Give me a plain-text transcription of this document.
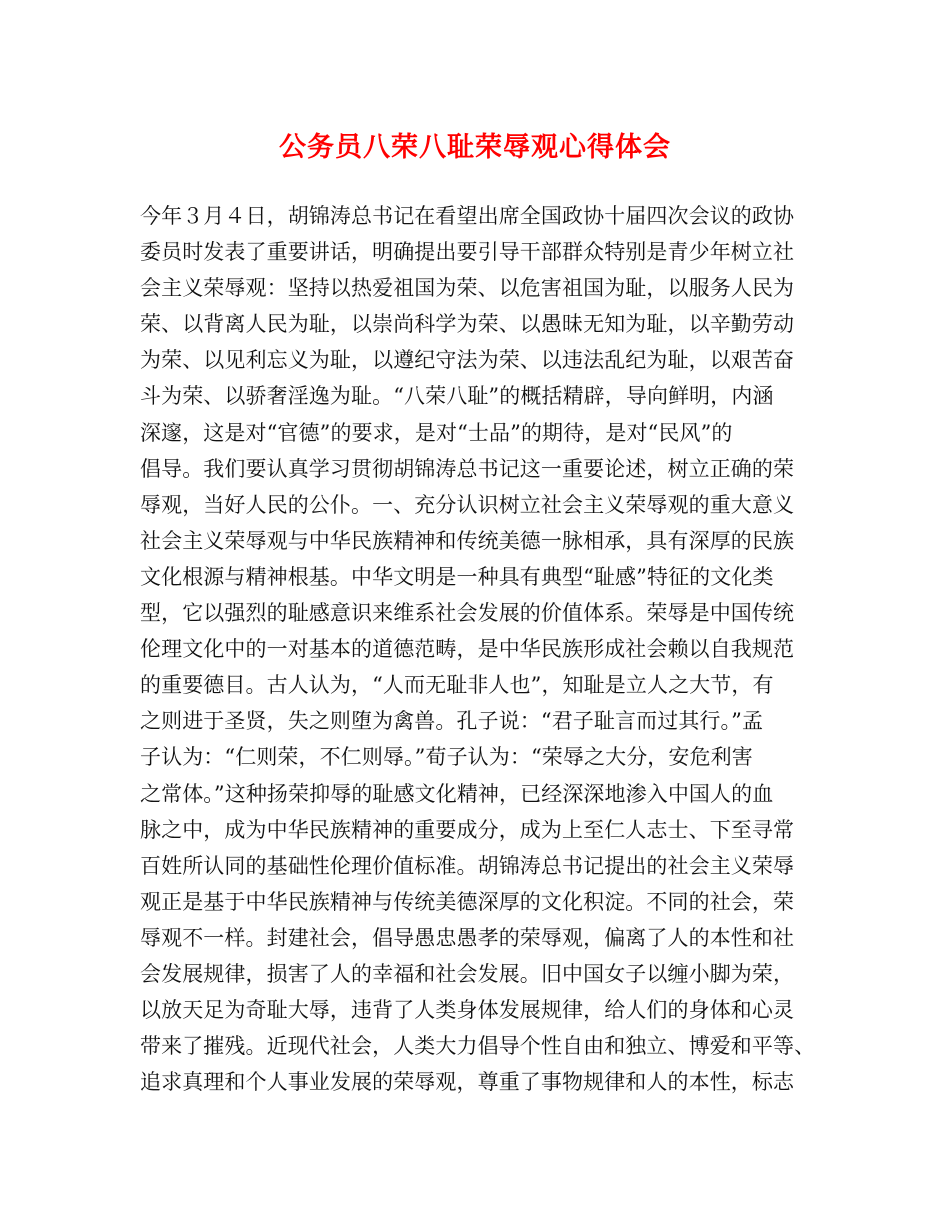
公务员八荣八耻荣辱观心得体会
今年３月４日，胡锦涛总书记在看望出席全国政协十届四次会议的政协
委员时发表了重要讲话，明确提出要引导干部群众特别是青少年树立社
会主义荣辱观：坚持以热爱祖国为荣、以危害祖国为耻，以服务人民为
荣、以背离人民为耻，以崇尚科学为荣、以愚昧无知为耻，以辛勤劳动
为荣、以见利忘义为耻，以遵纪守法为荣、以违法乱纪为耻，以艰苦奋
斗为荣、以骄奢淫逸为耻。“八荣八耻”的概括精辟，导向鲜明，内涵
深邃，这是对“官德”的要求，是对“士品”的期待，是对“民风”的
倡导。我们要认真学习贯彻胡锦涛总书记这一重要论述，树立正确的荣
辱观，当好人民的公仆。一、充分认识树立社会主义荣辱观的重大意义
社会主义荣辱观与中华民族精神和传统美德一脉相承，具有深厚的民族
文化根源与精神根基。中华文明是一种具有典型“耻感”特征的文化类
型，它以强烈的耻感意识来维系社会发展的价值体系。荣辱是中国传统
伦理文化中的一对基本的道德范畴，是中华民族形成社会赖以自我规范
的重要德目。古人认为，“人而无耻非人也”，知耻是立人之大节，有
之则进于圣贤，失之则堕为禽兽。孔子说：“君子耻言而过其行。”孟
子认为：“仁则荣，不仁则辱。”荀子认为：“荣辱之大分，安危利害
之常体。”这种扬荣抑辱的耻感文化精神，已经深深地渗入中国人的血
脉之中，成为中华民族精神的重要成分，成为上至仁人志士、下至寻常
百姓所认同的基础性伦理价值标准。胡锦涛总书记提出的社会主义荣辱
观正是基于中华民族精神与传统美德深厚的文化积淀。不同的社会，荣
辱观不一样。封建社会，倡导愚忠愚孝的荣辱观，偏离了人的本性和社
会发展规律，损害了人的幸福和社会发展。旧中国女子以缠小脚为荣，
以放天足为奇耻大辱，违背了人类身体发展规律，给人们的身体和心灵
带来了摧残。近现代社会，人类大力倡导个性自由和独立、博爱和平等、
追求真理和个人事业发展的荣辱观，尊重了事物规律和人的本性，标志
